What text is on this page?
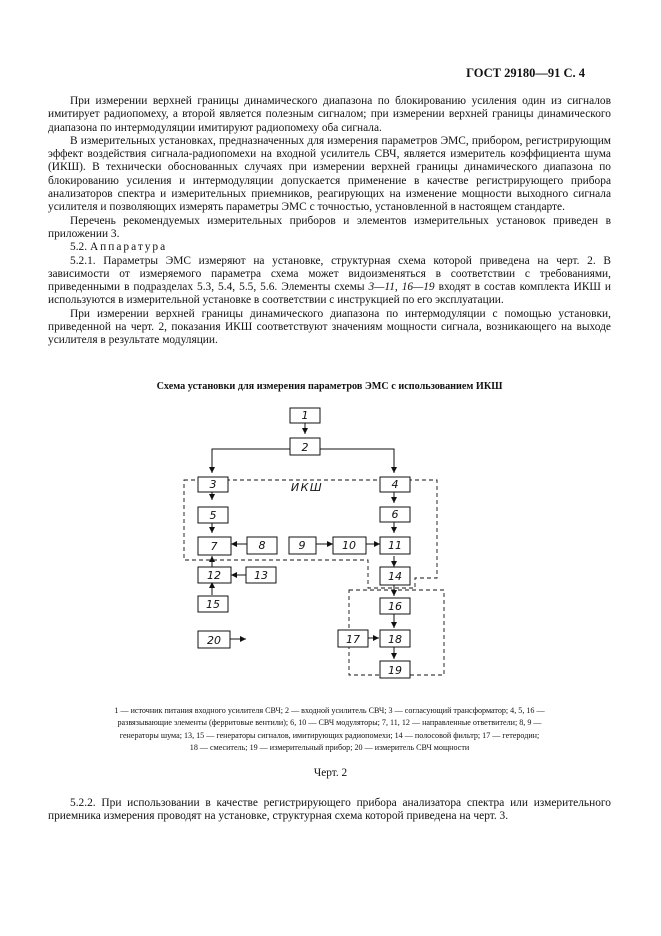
ГОСТ 29180—91 С. 4

При измерении верхней границы динамического диапазона по блокированию усиления один из сигналов имитирует радиопомеху, а второй является полезным сигналом; при измерении верхней границы динамического диапазона по интермодуляции имитируют радиопомеху оба сигнала.

В измерительных установках, предназначенных для измерения параметров ЭМС, прибором, регистрирующим эффект воздействия сигнала-радиопомехи на входной усилитель СВЧ, является измеритель коэффициента шума (ИКШ). В технически обоснованных случаях при измерении верхней границы динамического диапазона по блокированию усиления и интермодуляции допускается применение в качестве регистрирующего прибора анализаторов спектра и измерительных приемников, реагирующих на изменение мощности выходного сигнала усилителя и позволяющих измерять параметры ЭМС с точностью, установленной в настоящем стандарте.

Перечень рекомендуемых измерительных приборов и элементов измерительных установок приведен в приложении 3.

5.2. Аппаратура

5.2.1. Параметры ЭМС измеряют на установке, структурная схема которой приведена на черт. 2. В зависимости от измеряемого параметра схема может видоизменяться в соответствии с требованиями, приведенными в подразделах 5.3, 5.4, 5.5, 5.6. Элементы схемы 3—11, 16—19 входят в состав комплекта ИКШ и используются в измерительной установке в соответствии с инструкцией по его эксплуатации.

При измерении верхней границы динамического диапазона по интермодуляции с помощью установки, приведенной на черт. 2, показания ИКШ соответствуют значениям мощности сигнала, возникающего на выходе усилителя в результате модуляции.

Схема установки для измерения параметров ЭМС с использованием ИКШ
1
2
3	4
5	6
7	8	9	10	11
12	13	14
15	16
17	18
19
20
ИКШ
1 — источник питания входного усилителя СВЧ; 2 — входной усилитель СВЧ; 3 — согласующий трансформатор; 4, 5, 16 —
развязывающие элементы (ферритовые вентили); 6, 10 — СВЧ модуляторы; 7, 11, 12 — направленные ответвители; 8, 9 —
генераторы шума; 13, 15 — генераторы сигналов, имитирующих радиопомехи; 14 — полосовой фильтр; 17 — гетеродин;
18 — смеситель; 19 — измерительный прибор; 20 — измеритель СВЧ мощности
Черт. 2

5.2.2. При использовании в качестве регистрирующего прибора анализатора спектра или измерительного приемника измерения проводят на установке, структурная схема которой приведена на черт. 3.
